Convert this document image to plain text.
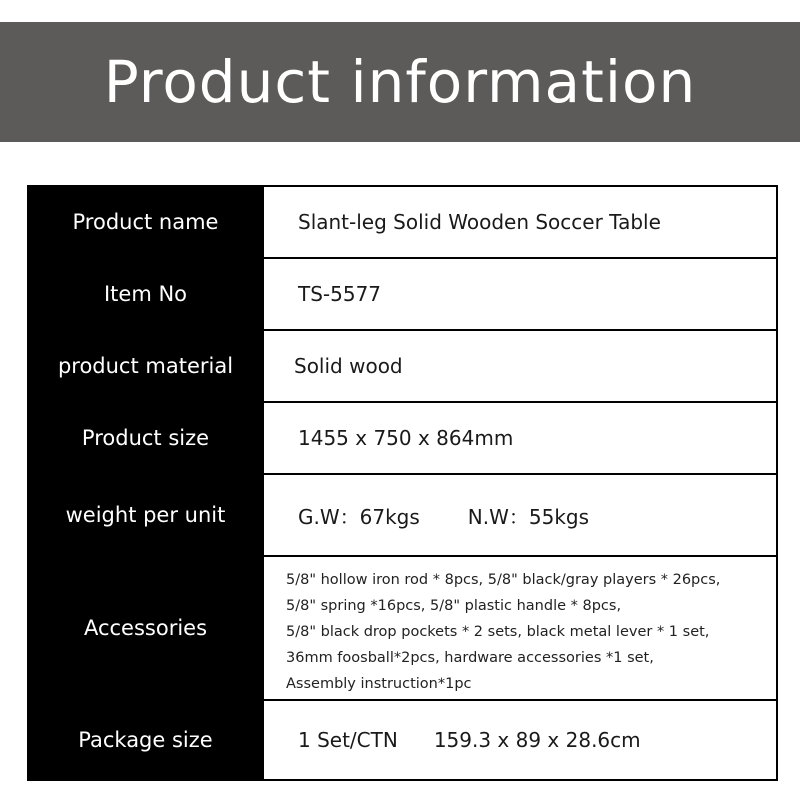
Product information
Product name	Slant-leg Solid Wooden Soccer Table
Item No	TS-5577
product material	Solid wood
Product size	1455 x 750 x 864mm
weight per unit	G.W：67kgs N.W：55kgs
Accessories
5/8" hollow iron rod * 8pcs, 5/8" black/gray players * 26pcs,
5/8" spring *16pcs, 5/8" plastic handle * 8pcs,
5/8" black drop pockets * 2 sets, black metal lever * 1 set,
36mm foosball*2pcs, hardware accessories *1 set,
Assembly instruction*1pc
Package size	1 Set/CTN 159.3 x 89 x 28.6cm
